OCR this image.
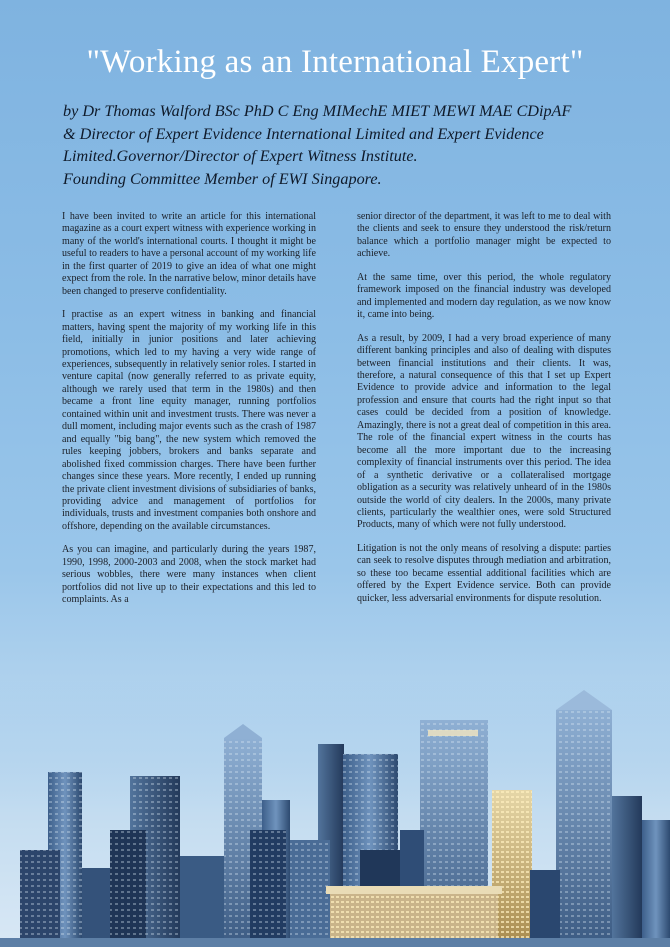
"Working as an International Expert"
by Dr Thomas Walford BSc PhD C Eng MIMechE MIET MEWI MAE CDipAF
& Director of Expert Evidence International Limited and Expert Evidence
Limited.Governor/Director of Expert Witness Institute.
Founding Committee Member of EWI Singapore.

I have been invited to write an article for this international magazine as a court expert witness with experience working in many of the world's international courts. I thought it might be useful to readers to have a personal account of my working life in the first quarter of 2019 to give an idea of what one might expect from the role. In the narrative below, minor details have been changed to preserve confidentiality.

I practise as an expert witness in banking and financial matters, having spent the majority of my working life in this field, initially in junior positions and later achieving promotions, which led to my having a very wide range of experiences, subsequently in relatively senior roles. I started in venture capital (now generally referred to as private equity, although we rarely used that term in the 1980s) and then became a front line equity manager, running portfolios contained within unit and investment trusts. There was never a dull moment, including major events such as the crash of 1987 and equally "big bang", the new system which removed the rules keeping jobbers, brokers and banks separate and abolished fixed commission charges. There have been further changes since these years. More recently, I ended up running the private client investment divisions of subsidiaries of banks, providing advice and management of portfolios for individuals, trusts and investment companies both onshore and offshore, depending on the available circumstances.

As you can imagine, and particularly during the years 1987, 1990, 1998, 2000-2003 and 2008, when the stock market had serious wobbles, there were many instances when client portfolios did not live up to their expectations and this led to complaints. As a

senior director of the department, it was left to me to deal with the clients and seek to ensure they understood the risk/return balance which a portfolio manager might be expected to achieve.

At the same time, over this period, the whole regulatory framework imposed on the financial industry was developed and implemented and modern day regulation, as we now know it, came into being.

As a result, by 2009, I had a very broad experience of many different banking principles and also of dealing with disputes between financial institutions and their clients. It was, therefore, a natural consequence of this that I set up Expert Evidence to provide advice and information to the legal profession and ensure that courts had the right input so that cases could be decided from a position of knowledge. Amazingly, there is not a great deal of competition in this area. The role of the financial expert witness in the courts has become all the more important due to the increasing complexity of financial instruments over this period. The idea of a synthetic derivative or a collateralised mortgage obligation as a security was relatively unheard of in the 1980s outside the world of city dealers. In the 2000s, many private clients, particularly the wealthier ones, were sold Structured Products, many of which were not fully understood.

Litigation is not the only means of resolving a dispute: parties can seek to resolve disputes through mediation and arbitration, so these too became essential additional facilities which are offered by the Expert Evidence service. Both can provide quicker, less adversarial environments for dispute resolution.
